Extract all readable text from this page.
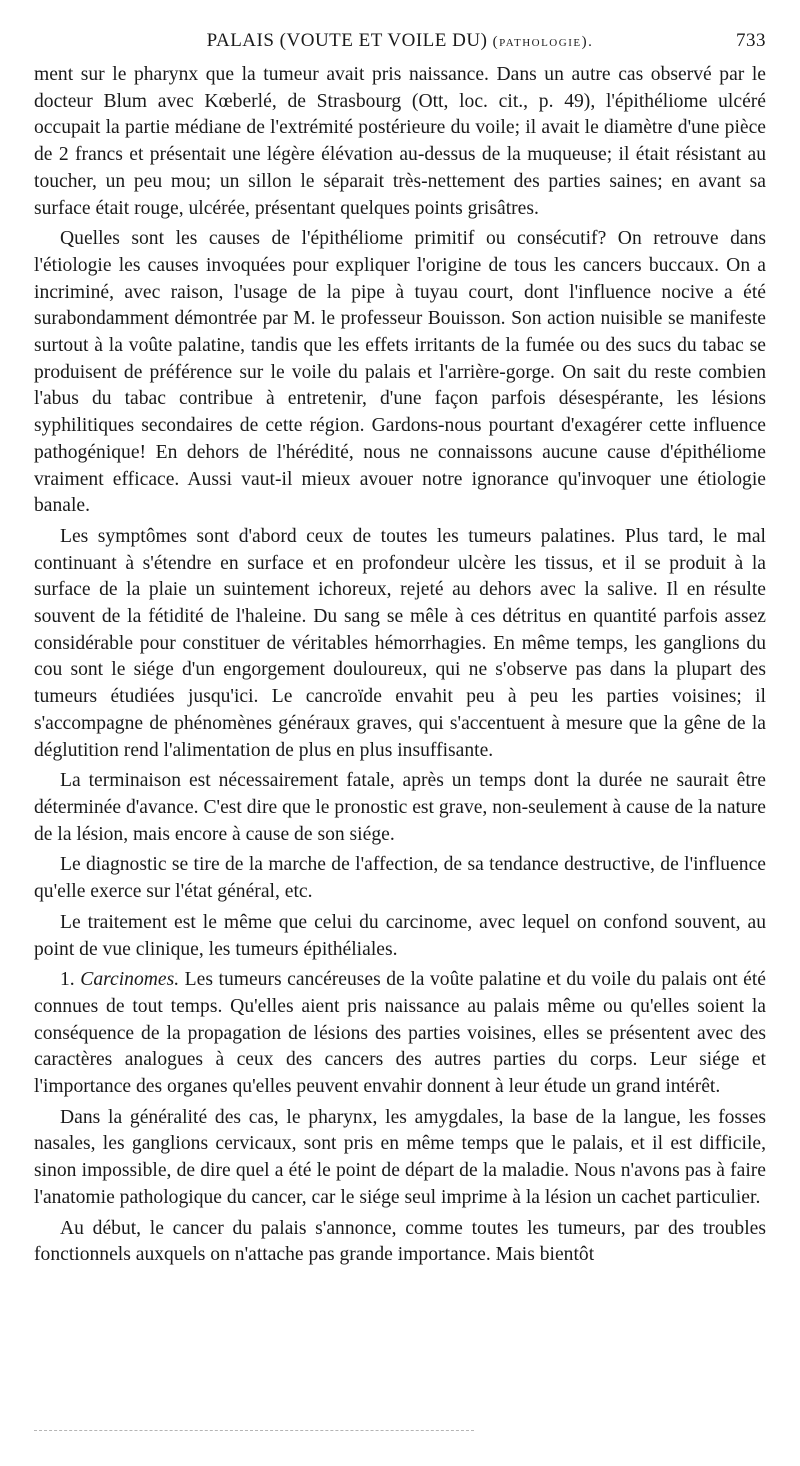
PALAIS (VOUTE ET VOILE DU) (pathologie).	733

ment sur le pharynx que la tumeur avait pris naissance. Dans un autre cas observé par le docteur Blum avec Kœberlé, de Strasbourg (Ott, loc. cit., p. 49), l'épithéliome ulcéré occupait la partie médiane de l'extrémité postérieure du voile; il avait le diamètre d'une pièce de 2 francs et présentait une légère élévation au-dessus de la muqueuse; il était résistant au toucher, un peu mou; un sillon le séparait très-nettement des parties saines; en avant sa surface était rouge, ulcérée, présentant quelques points grisâtres.

Quelles sont les causes de l'épithéliome primitif ou consécutif? On retrouve dans l'étiologie les causes invoquées pour expliquer l'origine de tous les cancers buccaux. On a incriminé, avec raison, l'usage de la pipe à tuyau court, dont l'influence nocive a été surabondamment démontrée par M. le professeur Bouisson. Son action nuisible se manifeste surtout à la voûte palatine, tandis que les effets irritants de la fumée ou des sucs du tabac se produisent de préférence sur le voile du palais et l'arrière-gorge. On sait du reste combien l'abus du tabac contribue à entretenir, d'une façon parfois désespérante, les lésions syphilitiques secondaires de cette région. Gardons-nous pourtant d'exagérer cette influence pathogénique! En dehors de l'hérédité, nous ne connaissons aucune cause d'épithéliome vraiment efficace. Aussi vaut-il mieux avouer notre ignorance qu'invoquer une étiologie banale.

Les symptômes sont d'abord ceux de toutes les tumeurs palatines. Plus tard, le mal continuant à s'étendre en surface et en profondeur ulcère les tissus, et il se produit à la surface de la plaie un suintement ichoreux, rejeté au dehors avec la salive. Il en résulte souvent de la fétidité de l'haleine. Du sang se mêle à ces détritus en quantité parfois assez considérable pour constituer de véritables hémorrhagies. En même temps, les ganglions du cou sont le siége d'un engorgement douloureux, qui ne s'observe pas dans la plupart des tumeurs étudiées jusqu'ici. Le cancroïde envahit peu à peu les parties voisines; il s'accompagne de phénomènes généraux graves, qui s'accentuent à mesure que la gêne de la déglutition rend l'alimentation de plus en plus insuffisante.

La terminaison est nécessairement fatale, après un temps dont la durée ne saurait être déterminée d'avance. C'est dire que le pronostic est grave, non-seulement à cause de la nature de la lésion, mais encore à cause de son siége.

Le diagnostic se tire de la marche de l'affection, de sa tendance destructive, de l'influence qu'elle exerce sur l'état général, etc.

Le traitement est le même que celui du carcinome, avec lequel on confond souvent, au point de vue clinique, les tumeurs épithéliales.

1. Carcinomes. Les tumeurs cancéreuses de la voûte palatine et du voile du palais ont été connues de tout temps. Qu'elles aient pris naissance au palais même ou qu'elles soient la conséquence de la propagation de lésions des parties voisines, elles se présentent avec des caractères analogues à ceux des cancers des autres parties du corps. Leur siége et l'importance des organes qu'elles peuvent envahir donnent à leur étude un grand intérêt.

Dans la généralité des cas, le pharynx, les amygdales, la base de la langue, les fosses nasales, les ganglions cervicaux, sont pris en même temps que le palais, et il est difficile, sinon impossible, de dire quel a été le point de départ de la maladie. Nous n'avons pas à faire l'anatomie pathologique du cancer, car le siége seul imprime à la lésion un cachet particulier.

Au début, le cancer du palais s'annonce, comme toutes les tumeurs, par des troubles fonctionnels auxquels on n'attache pas grande importance. Mais bientôt
